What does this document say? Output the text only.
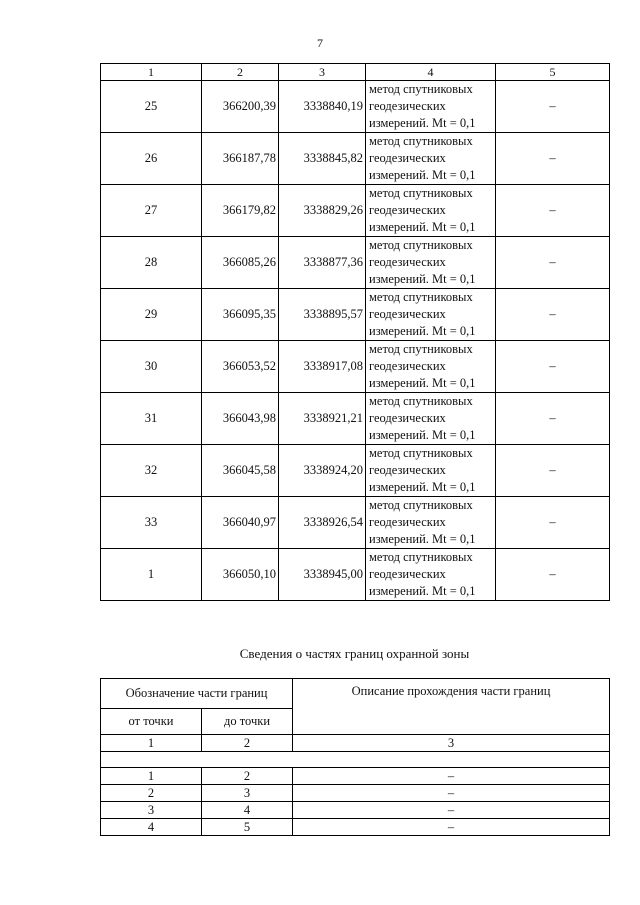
7
1	2	3	4	5
25	366200,39	3338840,19	метод спутниковых
геодезических
измерений. Mt = 0,1	–
26	366187,78	3338845,82	метод спутниковых
геодезических
измерений. Mt = 0,1	–
27	366179,82	3338829,26	метод спутниковых
геодезических
измерений. Mt = 0,1	–
28	366085,26	3338877,36	метод спутниковых
геодезических
измерений. Mt = 0,1	–
29	366095,35	3338895,57	метод спутниковых
геодезических
измерений. Mt = 0,1	–
30	366053,52	3338917,08	метод спутниковых
геодезических
измерений. Mt = 0,1	–
31	366043,98	3338921,21	метод спутниковых
геодезических
измерений. Mt = 0,1	–
32	366045,58	3338924,20	метод спутниковых
геодезических
измерений. Mt = 0,1	–
33	366040,97	3338926,54	метод спутниковых
геодезических
измерений. Mt = 0,1	–
1	366050,10	3338945,00	метод спутниковых
геодезических
измерений. Mt = 0,1	–
Сведения о частях границ охранной зоны
Обозначение части границ		Описание прохождения части границ
от точки	до точки	
1	2	3

1	2	–
2	3	–
3	4	–
4	5	–
